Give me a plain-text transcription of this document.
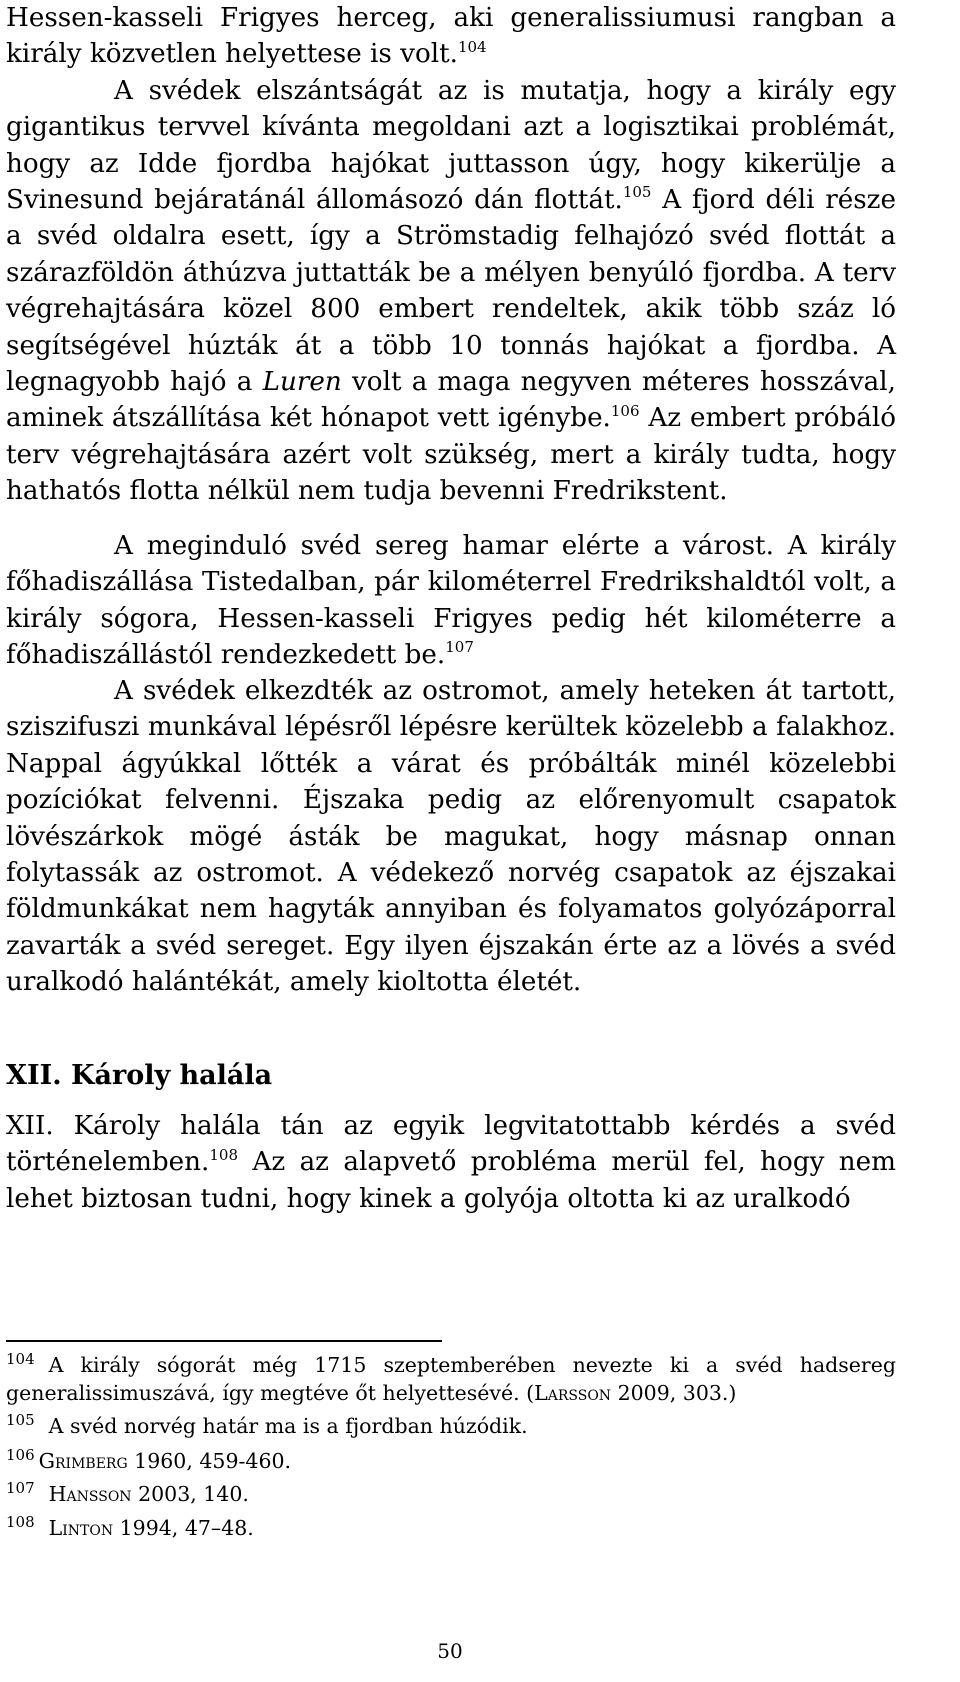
Hessen-kasseli Frigyes herceg, aki generalissiumusi rangban a király közvetlen helyettese is volt.$^{104}$

A svédek elszántságát az is mutatja, hogy a király egy gigantikus tervvel kívánta megoldani azt a logisztikai problémát, hogy az Idde fjordba hajókat juttasson úgy, hogy kikerülje a Svinesund bejáratánál állomásozó dán flottát.$^{105}$ A fjord déli része a svéd oldalra esett, így a Strömstadig felhajózó svéd flottát a szárazföldön áthúzva juttatták be a mélyen benyúló fjordba. A terv végrehajtására közel 800 embert rendeltek, akik több száz ló segítségével húzták át a több 10 tonnás hajókat a fjordba. A legnagyobb hajó a Luren volt a maga negyven méteres hosszával, aminek átszállítása két hónapot vett igénybe.$^{106}$ Az embert próbáló terv végrehajtására azért volt szükség, mert a király tudta, hogy hathatós flotta nélkül nem tudja bevenni Fredrikstent.

A meginduló svéd sereg hamar elérte a várost. A király főhadiszállása Tistedalban, pár kilométerrel Fredrikshaldtól volt, a király sógora, Hessen-kasseli Frigyes pedig hét kilométerre a főhadiszállástól rendezkedett be.$^{107}$

A svédek elkezdték az ostromot, amely heteken át tartott, sziszifuszi munkával lépésről lépésre kerültek közelebb a falakhoz. Nappal ágyúkkal lőtték a várat és próbálták minél közelebbi pozíciókat felvenni. Éjszaka pedig az előrenyomult csapatok lövészárkok mögé ásták be magukat, hogy másnap onnan folytassák az ostromot. A védekező norvég csapatok az éjszakai földmunkákat nem hagyták annyiban és folyamatos golyózáporral zavarták a svéd sereget. Egy ilyen éjszakán érte az a lövés a svéd uralkodó halántékát, amely kioltotta életét.

XII. Károly halála

XII. Károly halála tán az egyik legvitatottabb kérdés a svéd történelemben.$^{108}$ Az az alapvető probléma merül fel, hogy nem lehet biztosan tudni, hogy kinek a golyója oltotta ki az uralkodó

$^{104}$ A király sógorát még 1715 szeptemberében nevezte ki a svéd hadsereg generalissimuszává, így megtéve őt helyettesévé. (Larsson 2009, 303.)

$^{105}$ A svéd norvég határ ma is a fjordban húzódik.

$^{106}$ Grimberg 1960, 459-460.

$^{107}$ Hansson 2003, 140.

$^{108}$ Linton 1994, 47–48.

50
